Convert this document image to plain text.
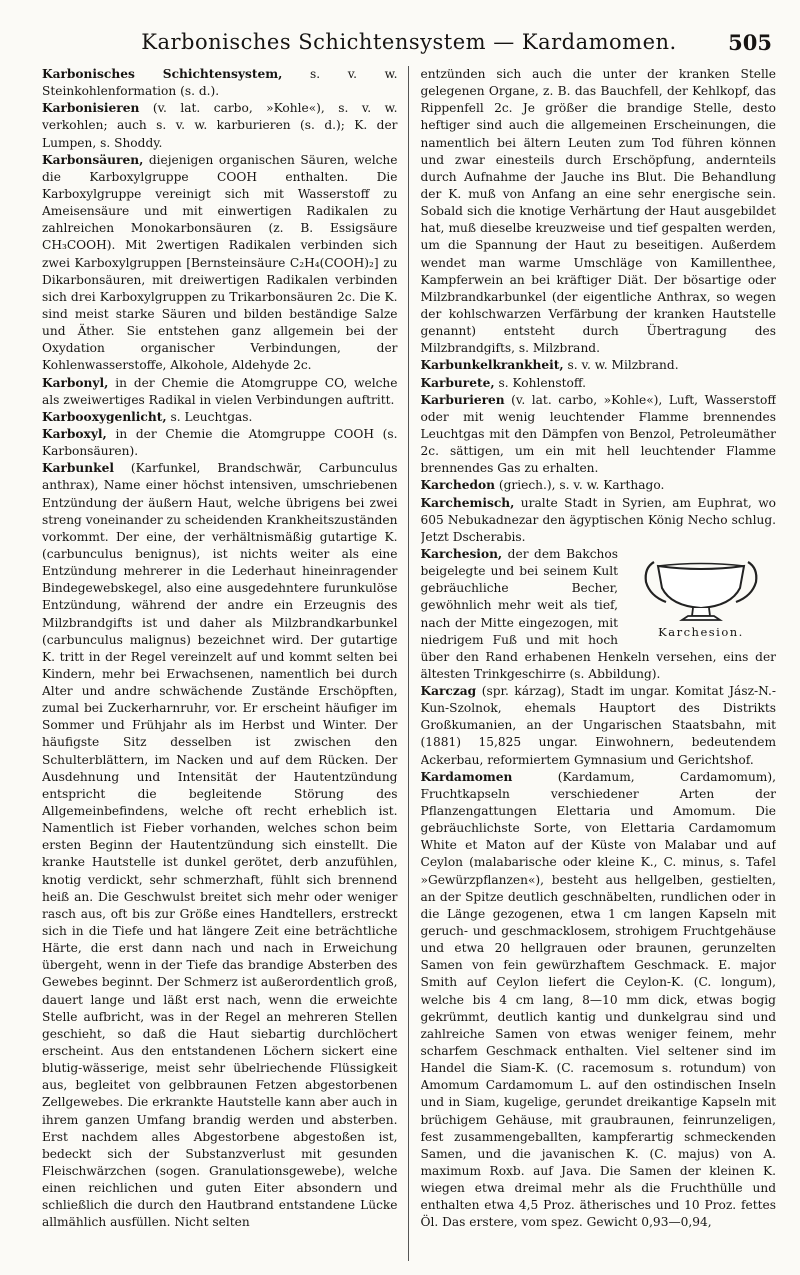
Karbonisches Schichtensystem — Kardamomen.	505

Karbonisches Schichtensystem, s. v. w. Steinkohlenformation (s. d.).

Karbonisieren (v. lat. carbo, »Kohle«), s. v. w. verkohlen; auch s. v. w. karburieren (s. d.); K. der Lumpen, s. Shoddy.

Karbonsäuren, diejenigen organischen Säuren, welche die Karboxylgruppe COOH enthalten. Die Karboxylgruppe vereinigt sich mit Wasserstoff zu Ameisensäure und mit einwertigen Radikalen zu zahlreichen Monokarbonsäuren (z. B. Essigsäure CH₃COOH). Mit 2wertigen Radikalen verbinden sich zwei Karboxylgruppen [Bernsteinsäure C₂H₄(COOH)₂] zu Dikarbonsäuren, mit dreiwertigen Radikalen verbinden sich drei Karboxylgruppen zu Trikarbonsäuren 2c. Die K. sind meist starke Säuren und bilden beständige Salze und Äther. Sie entstehen ganz allgemein bei der Oxydation organischer Verbindungen, der Kohlenwasserstoffe, Alkohole, Aldehyde 2c.

Karbonyl, in der Chemie die Atomgruppe CO, welche als zweiwertiges Radikal in vielen Verbindungen auftritt.

Karbooxygenlicht, s. Leuchtgas.

Karboxyl, in der Chemie die Atomgruppe COOH (s. Karbonsäuren).

Karbunkel (Karfunkel, Brandschwär, Carbunculus anthrax), Name einer höchst intensiven, umschriebenen Entzündung der äußern Haut, welche übrigens bei zwei streng voneinander zu scheidenden Krankheitszuständen vorkommt. Der eine, der verhältnismäßig gutartige K. (carbunculus benignus), ist nichts weiter als eine Entzündung mehrerer in die Lederhaut hineinragender Bindegewebskegel, also eine ausgedehntere furunkulöse Entzündung, während der andre ein Erzeugnis des Milzbrandgifts ist und daher als Milzbrandkarbunkel (carbunculus malignus) bezeichnet wird. Der gutartige K. tritt in der Regel vereinzelt auf und kommt selten bei Kindern, mehr bei Erwachsenen, namentlich bei durch Alter und andre schwächende Zustände Erschöpften, zumal bei Zuckerharnruhr, vor. Er erscheint häufiger im Sommer und Frühjahr als im Herbst und Winter. Der häufigste Sitz desselben ist zwischen den Schulterblättern, im Nacken und auf dem Rücken. Der Ausdehnung und Intensität der Hautentzündung entspricht die begleitende Störung des Allgemeinbefindens, welche oft recht erheblich ist. Namentlich ist Fieber vorhanden, welches schon beim ersten Beginn der Hautentzündung sich einstellt. Die kranke Hautstelle ist dunkel gerötet, derb anzufühlen, knotig verdickt, sehr schmerzhaft, fühlt sich brennend heiß an. Die Geschwulst breitet sich mehr oder weniger rasch aus, oft bis zur Größe eines Handtellers, erstreckt sich in die Tiefe und hat längere Zeit eine beträchtliche Härte, die erst dann nach und nach in Erweichung übergeht, wenn in der Tiefe das brandige Absterben des Gewebes beginnt. Der Schmerz ist außerordentlich groß, dauert lange und läßt erst nach, wenn die erweichte Stelle aufbricht, was in der Regel an mehreren Stellen geschieht, so daß die Haut siebartig durchlöchert erscheint. Aus den entstandenen Löchern sickert eine blutig-wässerige, meist sehr übelriechende Flüssigkeit aus, begleitet von gelbbraunen Fetzen abgestorbenen Zellgewebes. Die erkrankte Hautstelle kann aber auch in ihrem ganzen Umfang brandig werden und absterben. Erst nachdem alles Abgestorbene abgestoßen ist, bedeckt sich der Substanzverlust mit gesunden Fleischwärzchen (sogen. Granulationsgewebe), welche einen reichlichen und guten Eiter absondern und schließlich die durch den Hautbrand entstandene Lücke allmählich ausfüllen. Nicht selten

entzünden sich auch die unter der kranken Stelle gelegenen Organe, z. B. das Bauchfell, der Kehlkopf, das Rippenfell 2c. Je größer die brandige Stelle, desto heftiger sind auch die allgemeinen Erscheinungen, die namentlich bei ältern Leuten zum Tod führen können und zwar einesteils durch Erschöpfung, andernteils durch Aufnahme der Jauche ins Blut. Die Behandlung der K. muß von Anfang an eine sehr energische sein. Sobald sich die knotige Verhärtung der Haut ausgebildet hat, muß dieselbe kreuzweise und tief gespalten werden, um die Spannung der Haut zu beseitigen. Außerdem wendet man warme Umschläge von Kamillenthee, Kampferwein an bei kräftiger Diät. Der bösartige oder Milzbrandkarbunkel (der eigentliche Anthrax, so wegen der kohlschwarzen Verfärbung der kranken Hautstelle genannt) entsteht durch Übertragung des Milzbrandgifts, s. Milzbrand.

Karbunkelkrankheit, s. v. w. Milzbrand.

Karburete, s. Kohlenstoff.

Karburieren (v. lat. carbo, »Kohle«), Luft, Wasserstoff oder mit wenig leuchtender Flamme brennendes Leuchtgas mit den Dämpfen von Benzol, Petroleumäther 2c. sättigen, um ein mit hell leuchtender Flamme brennendes Gas zu erhalten.

Karchedon (griech.), s. v. w. Karthago.

Karchemisch, uralte Stadt in Syrien, am Euphrat, wo 605 Nebukadnezar den ägyptischen König Necho schlug. Jetzt Dscherabis.

Karchesion.
Karchesion, der dem Bakchos beigelegte und bei seinem Kult gebräuchliche Becher, gewöhnlich mehr weit als tief, nach der Mitte eingezogen, mit niedrigem Fuß und mit hoch über den Rand erhabenen Henkeln versehen, eins der ältesten Trinkgeschirre (s. Abbildung).

Karczag (spr. kárzag), Stadt im ungar. Komitat Jász-N.-Kun-Szolnok, ehemals Hauptort des Distrikts Großkumanien, an der Ungarischen Staatsbahn, mit (1881) 15,825 ungar. Einwohnern, bedeutendem Ackerbau, reformiertem Gymnasium und Gerichtshof.

Kardamomen (Kardamum, Cardamomum), Fruchtkapseln verschiedener Arten der Pflanzengattungen Elettaria und Amomum. Die gebräuchlichste Sorte, von Elettaria Cardamomum White et Maton auf der Küste von Malabar und auf Ceylon (malabarische oder kleine K., C. minus, s. Tafel »Gewürzpflanzen«), besteht aus hellgelben, gestielten, an der Spitze deutlich geschnäbelten, rundlichen oder in die Länge gezogenen, etwa 1 cm langen Kapseln mit geruch- und geschmacklosem, strohigem Fruchtgehäuse und etwa 20 hellgrauen oder braunen, gerunzelten Samen von fein gewürzhaftem Geschmack. E. major Smith auf Ceylon liefert die Ceylon-K. (C. longum), welche bis 4 cm lang, 8—10 mm dick, etwas bogig gekrümmt, deutlich kantig und dunkelgrau sind und zahlreiche Samen von etwas weniger feinem, mehr scharfem Geschmack enthalten. Viel seltener sind im Handel die Siam-K. (C. racemosum s. rotundum) von Amomum Cardamomum L. auf den ostindischen Inseln und in Siam, kugelige, gerundet dreikantige Kapseln mit brüchigem Gehäuse, mit graubraunen, feinrunzeligen, fest zusammengeballten, kampferartig schmeckenden Samen, und die javanischen K. (C. majus) von A. maximum Roxb. auf Java. Die Samen der kleinen K. wiegen etwa dreimal mehr als die Fruchthülle und enthalten etwa 4,5 Proz. ätherisches und 10 Proz. fettes Öl. Das erstere, vom spez. Gewicht 0,93—0,94,
